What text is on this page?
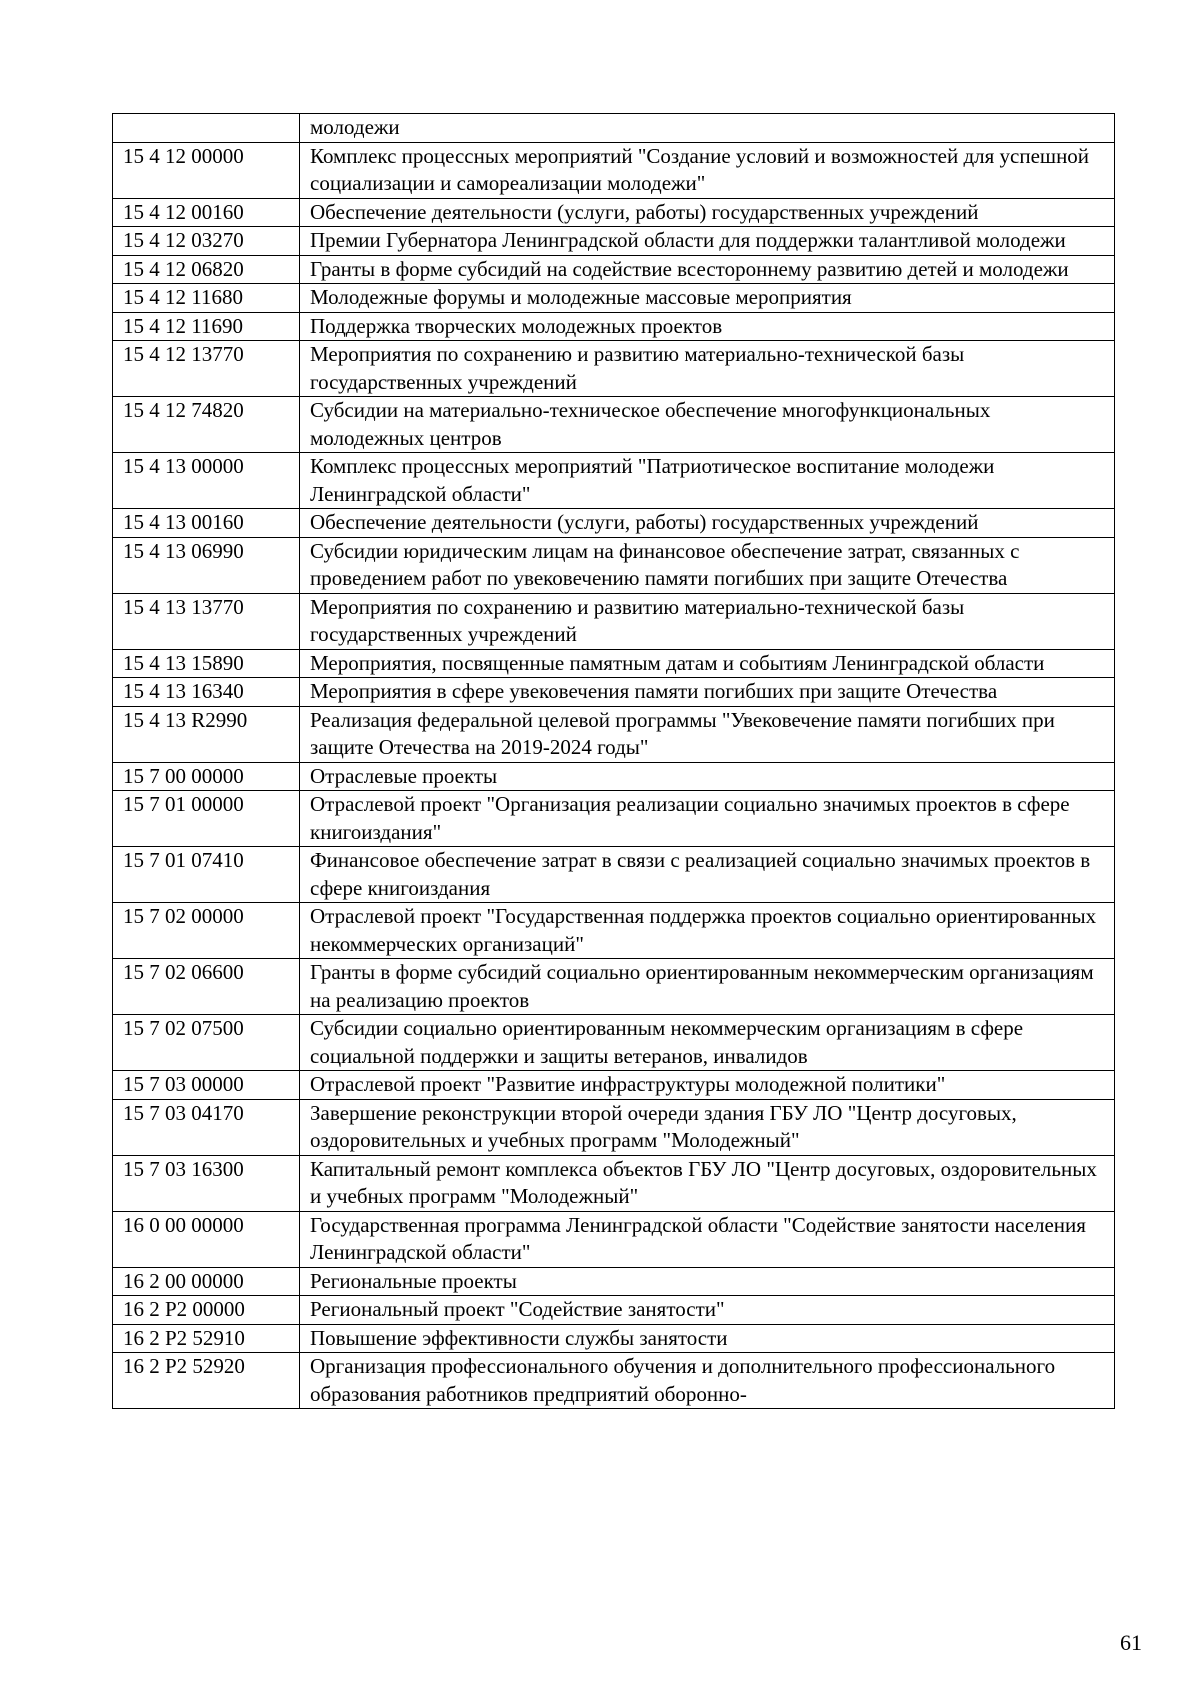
	молодежи
15 4 12 00000	Комплекс процессных мероприятий "Создание условий и возможностей для успешной социализации и самореализации молодежи"
15 4 12 00160	Обеспечение деятельности (услуги, работы) государственных учреждений
15 4 12 03270	Премии Губернатора Ленинградской области для поддержки талантливой молодежи
15 4 12 06820	Гранты в форме субсидий на содействие всестороннему развитию детей и молодежи
15 4 12 11680	Молодежные форумы и молодежные массовые мероприятия
15 4 12 11690	Поддержка творческих молодежных проектов
15 4 12 13770	Мероприятия по сохранению и развитию материально-технической базы государственных учреждений
15 4 12 74820	Субсидии на материально-техническое обеспечение многофункциональных молодежных центров
15 4 13 00000	Комплекс процессных мероприятий "Патриотическое воспитание молодежи Ленинградской области"
15 4 13 00160	Обеспечение деятельности (услуги, работы) государственных учреждений
15 4 13 06990	Субсидии юридическим лицам на финансовое обеспечение затрат, связанных с проведением работ по увековечению памяти погибших при защите Отечества
15 4 13 13770	Мероприятия по сохранению и развитию материально-технической базы государственных учреждений
15 4 13 15890	Мероприятия, посвященные памятным датам и событиям Ленинградской области
15 4 13 16340	Мероприятия в сфере увековечения памяти погибших при защите Отечества
15 4 13 R2990	Реализация федеральной целевой программы "Увековечение памяти погибших при защите Отечества на 2019-2024 годы"
15 7 00 00000	Отраслевые проекты
15 7 01 00000	Отраслевой проект "Организация реализации социально значимых проектов в сфере книгоиздания"
15 7 01 07410	Финансовое обеспечение затрат в связи с реализацией социально значимых проектов в сфере книгоиздания
15 7 02 00000	Отраслевой проект "Государственная поддержка проектов социально ориентированных некоммерческих организаций"
15 7 02 06600	Гранты в форме субсидий социально ориентированным некоммерческим организациям на реализацию проектов
15 7 02 07500	Субсидии социально ориентированным некоммерческим организациям в сфере социальной поддержки и защиты ветеранов, инвалидов
15 7 03 00000	Отраслевой проект "Развитие инфраструктуры молодежной политики"
15 7 03 04170	Завершение реконструкции второй очереди здания ГБУ ЛО "Центр досуговых, оздоровительных и учебных программ "Молодежный"
15 7 03 16300	Капитальный ремонт комплекса объектов ГБУ ЛО "Центр досуговых, оздоровительных и учебных программ "Молодежный"
16 0 00 00000	Государственная программа Ленинградской области "Содействие занятости населения Ленинградской области"
16 2 00 00000	Региональные проекты
16 2 P2 00000	Региональный проект "Содействие занятости"
16 2 P2 52910	Повышение эффективности службы занятости
16 2 P2 52920	Организация профессионального обучения и дополнительного профессионального образования работников предприятий оборонно-
61
